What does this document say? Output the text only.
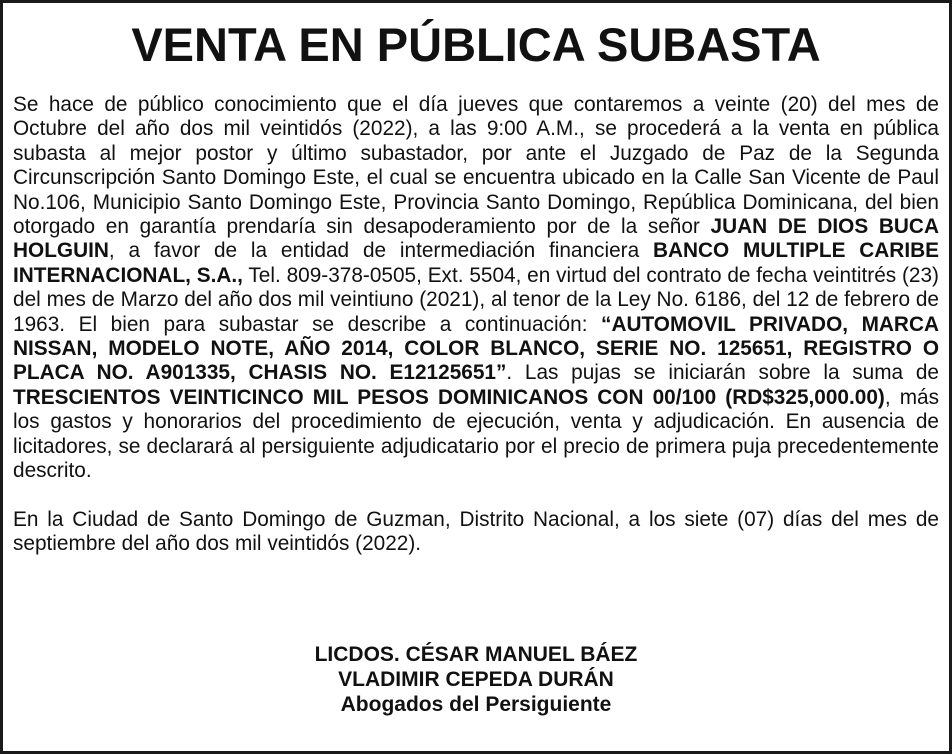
VENTA EN PÚBLICA SUBASTA

Se hace de público conocimiento que el día jueves que contaremos a veinte (20) del mes de Octubre del año dos mil veintidós (2022), a las 9:00 A.M., se procederá a la venta en pública subasta al mejor postor y último subastador, por ante el Juzgado de Paz de la Segunda Circunscripción Santo Domingo Este, el cual se encuentra ubicado en la Calle San Vicente de Paul No.106, Municipio Santo Domingo Este, Provincia Santo Domingo, República Dominicana, del bien otorgado en garantía prendaría sin desapoderamiento por de la señor JUAN DE DIOS BUCA HOLGUIN, a favor de la entidad de intermediación financiera BANCO MULTIPLE CARIBE INTERNACIONAL, S.A., Tel. 809-378-0505, Ext. 5504, en virtud del contrato de fecha veintitrés (23) del mes de Marzo del año dos mil veintiuno (2021), al tenor de la Ley No. 6186, del 12 de febrero de 1963. El bien para subastar se describe a continuación: “AUTOMOVIL PRIVADO, MARCA NISSAN, MODELO NOTE, AÑO 2014, COLOR BLANCO, SERIE NO. 125651, REGISTRO O PLACA NO. A901335, CHASIS NO. E12125651”. Las pujas se iniciarán sobre la suma de TRESCIENTOS VEINTICINCO MIL PESOS DOMINICANOS CON 00/100 (RD$325,000.00), más los gastos y honorarios del procedimiento de ejecución, venta y adjudicación. En ausencia de licitadores, se declarará al persiguiente adjudicatario por el precio de primera puja precedentemente descrito.

En la Ciudad de Santo Domingo de Guzman, Distrito Nacional, a los siete (07) días del mes de septiembre del año dos mil veintidós (2022).

LICDOS. CÉSAR MANUEL BÁEZ
VLADIMIR CEPEDA DURÁN
Abogados del Persiguiente
